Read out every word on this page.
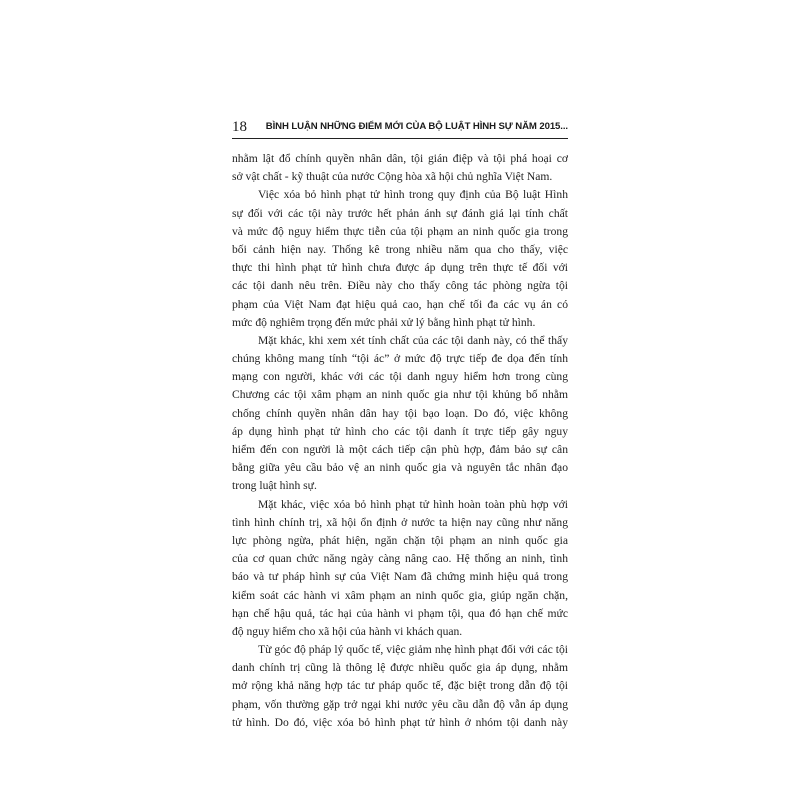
18 BÌNH LUẬN NHỮNG ĐIỂM MỚI CỦA BỘ LUẬT HÌNH SỰ NĂM 2015...
nhằm lật đổ chính quyền nhân dân, tội gián điệp và tội phá hoại cơ
sở vật chất - kỹ thuật của nước Cộng hòa xã hội chủ nghĩa Việt Nam.
Việc xóa bỏ hình phạt tử hình trong quy định của Bộ luật Hình
sự đối với các tội này trước hết phản ánh sự đánh giá lại tính chất
và mức độ nguy hiểm thực tiễn của tội phạm an ninh quốc gia trong
bối cảnh hiện nay. Thống kê trong nhiều năm qua cho thấy, việc
thực thi hình phạt tử hình chưa được áp dụng trên thực tế đối với
các tội danh nêu trên. Điều này cho thấy công tác phòng ngừa tội
phạm của Việt Nam đạt hiệu quả cao, hạn chế tối đa các vụ án có
mức độ nghiêm trọng đến mức phải xử lý bằng hình phạt tử hình.
Mặt khác, khi xem xét tính chất của các tội danh này, có thể thấy
chúng không mang tính “tội ác” ở mức độ trực tiếp đe dọa đến tính
mạng con người, khác với các tội danh nguy hiểm hơn trong cùng
Chương các tội xâm phạm an ninh quốc gia như tội khủng bố nhằm
chống chính quyền nhân dân hay tội bạo loạn. Do đó, việc không
áp dụng hình phạt tử hình cho các tội danh ít trực tiếp gây nguy
hiểm đến con người là một cách tiếp cận phù hợp, đảm bảo sự cân
bằng giữa yêu cầu bảo vệ an ninh quốc gia và nguyên tắc nhân đạo
trong luật hình sự.
Mặt khác, việc xóa bỏ hình phạt tử hình hoàn toàn phù hợp với
tình hình chính trị, xã hội ổn định ở nước ta hiện nay cũng như năng
lực phòng ngừa, phát hiện, ngăn chặn tội phạm an ninh quốc gia
của cơ quan chức năng ngày càng nâng cao. Hệ thống an ninh, tình
báo và tư pháp hình sự của Việt Nam đã chứng minh hiệu quả trong
kiểm soát các hành vi xâm phạm an ninh quốc gia, giúp ngăn chặn,
hạn chế hậu quả, tác hại của hành vi phạm tội, qua đó hạn chế mức
độ nguy hiểm cho xã hội của hành vi khách quan.
Từ góc độ pháp lý quốc tế, việc giảm nhẹ hình phạt đối với các tội
danh chính trị cũng là thông lệ được nhiều quốc gia áp dụng, nhằm
mở rộng khả năng hợp tác tư pháp quốc tế, đặc biệt trong dẫn độ tội
phạm, vốn thường gặp trở ngại khi nước yêu cầu dẫn độ vẫn áp dụng
tử hình. Do đó, việc xóa bỏ hình phạt tử hình ở nhóm tội danh này
